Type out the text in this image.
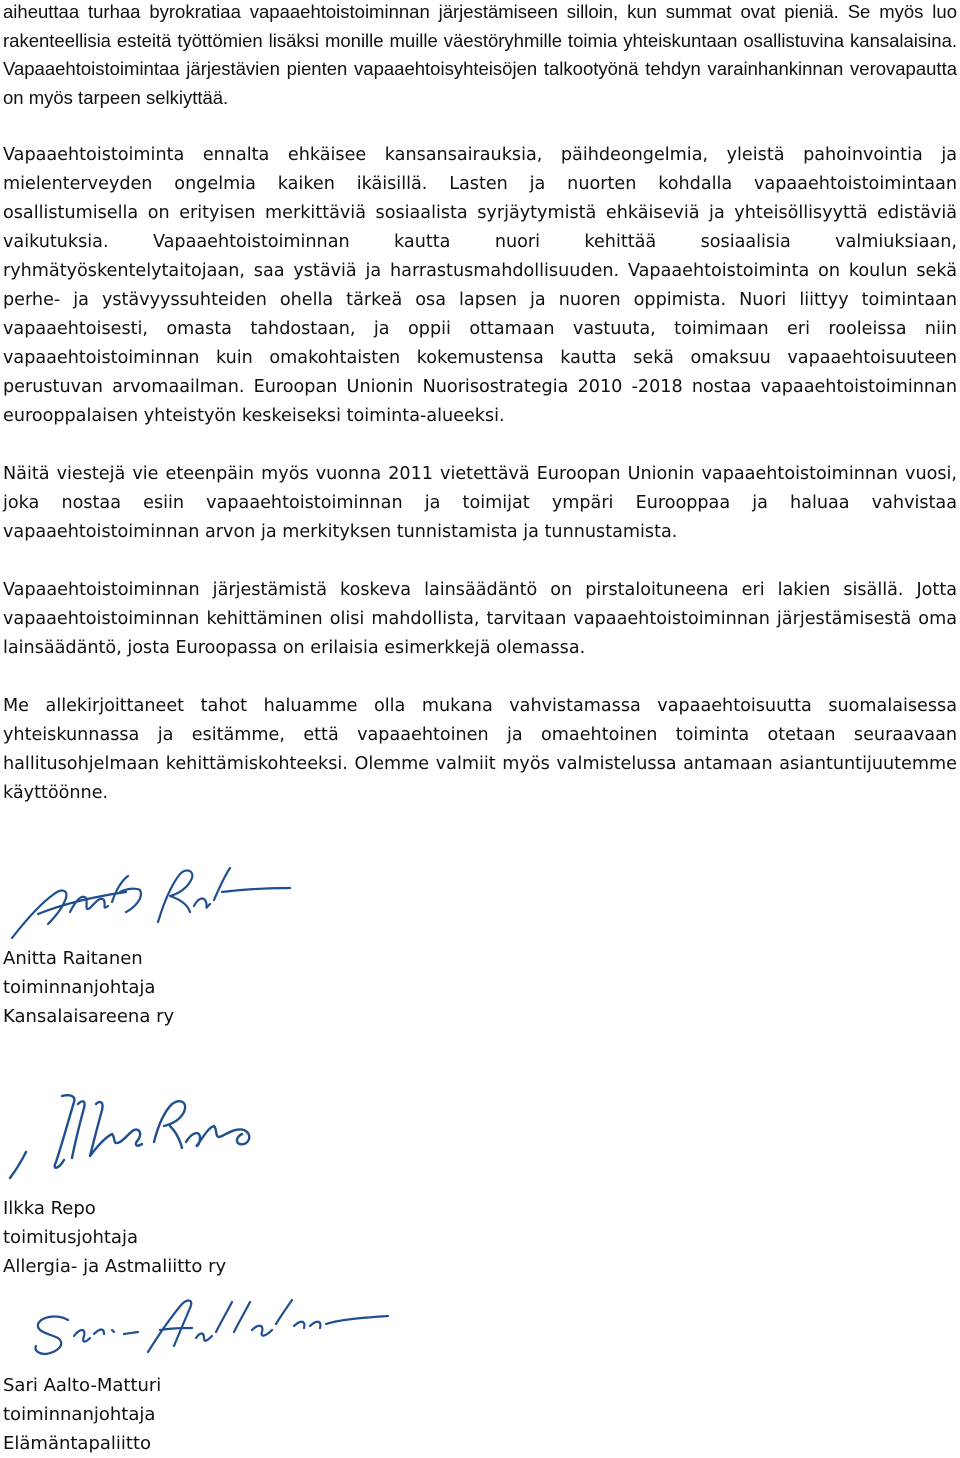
aiheuttaa turhaa byrokratiaa vapaaehtoistoiminnan järjestämiseen silloin, kun summat ovat pieniä. Se myös luo rakenteellisia esteitä työttömien lisäksi monille muille väestöryhmille toimia yhteiskuntaan osallistuvina kansalaisina. Vapaaehtoistoimintaa järjestävien pienten vapaaehtoisyhteisöjen talkootyönä tehdyn varainhankinnan verovapautta on myös tarpeen selkiyttää.

Vapaaehtoistoiminta ennalta ehkäisee kansansairauksia, päihdeongelmia, yleistä pahoinvointia ja mielenterveyden ongelmia kaiken ikäisillä. Lasten ja nuorten kohdalla vapaaehtoistoimintaan osallistumisella on erityisen merkittäviä sosiaalista syrjäytymistä ehkäiseviä ja yhteisöllisyyttä edistäviä vaikutuksia. Vapaaehtoistoiminnan kautta nuori kehittää sosiaalisia valmiuksiaan, ryhmätyöskentelytaitojaan, saa ystäviä ja harrastusmahdollisuuden. Vapaaehtoistoiminta on koulun sekä perhe- ja ystävyyssuhteiden ohella tärkeä osa lapsen ja nuoren oppimista. Nuori liittyy toimintaan vapaaehtoisesti, omasta tahdostaan, ja oppii ottamaan vastuuta, toimimaan eri rooleissa niin vapaaehtoistoiminnan kuin omakohtaisten kokemustensa kautta sekä omaksuu vapaaehtoisuuteen perustuvan arvomaailman. Euroopan Unionin Nuorisostrategia 2010 -2018 nostaa vapaaehtoistoiminnan eurooppalaisen yhteistyön keskeiseksi toiminta-alueeksi.

Näitä viestejä vie eteenpäin myös vuonna 2011 vietettävä Euroopan Unionin vapaaehtoistoiminnan vuosi, joka nostaa esiin vapaaehtoistoiminnan ja toimijat ympäri Eurooppaa ja haluaa vahvistaa vapaaehtoistoiminnan arvon ja merkityksen tunnistamista ja tunnustamista.

Vapaaehtoistoiminnan järjestämistä koskeva lainsäädäntö on pirstaloituneena eri lakien sisällä. Jotta vapaaehtoistoiminnan kehittäminen olisi mahdollista, tarvitaan vapaaehtoistoiminnan järjestämisestä oma lainsäädäntö, josta Euroopassa on erilaisia esimerkkejä olemassa.

Me allekirjoittaneet tahot haluamme olla mukana vahvistamassa vapaaehtoisuutta suomalaisessa yhteiskunnassa ja esitämme, että vapaaehtoinen ja omaehtoinen toiminta otetaan seuraavaan hallitusohjelmaan kehittämiskohteeksi. Olemme valmiit myös valmistelussa antamaan asiantuntijuutemme käyttöönne.

Anitta Raitanen

toiminnanjohtaja

Kansalaisareena ry

Ilkka Repo

toimitusjohtaja

Allergia- ja Astmaliitto ry

Sari Aalto-Matturi

toiminnanjohtaja

Elämäntapaliitto
